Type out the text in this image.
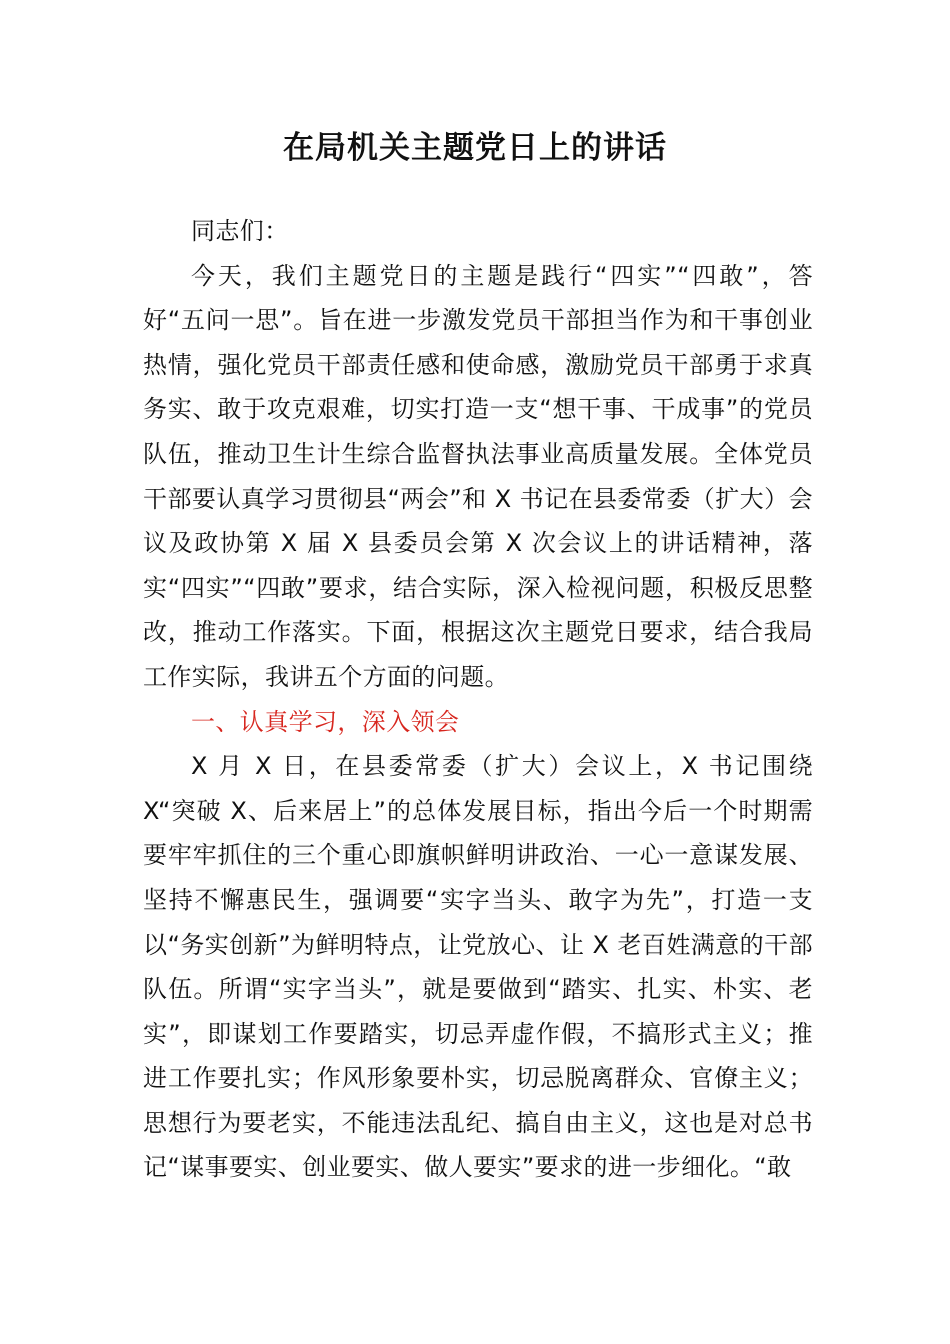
在局机关主题党日上的讲话

同志们：

今天，我们主题党日的主题是践行“四实”“四敢”，答好“五问一思”。旨在进一步激发党员干部担当作为和干事创业热情，强化党员干部责任感和使命感，激励党员干部勇于求真务实、敢于攻克艰难，切实打造一支“想干事、干成事”的党员队伍，推动卫生计生综合监督执法事业高质量发展。全体党员干部要认真学习贯彻县“两会”和 X 书记在县委常委（扩大）会议及政协第 X 届 X 县委员会第 X 次会议上的讲话精神，落实“四实”“四敢”要求，结合实际，深入检视问题，积极反思整改，推动工作落实。下面，根据这次主题党日要求，结合我局工作实际，我讲五个方面的问题。

一、认真学习，深入领会

X 月 X 日，在县委常委（扩大）会议上，X 书记围绕 X“突破 X、后来居上”的总体发展目标，指出今后一个时期需要牢牢抓住的三个重心即旗帜鲜明讲政治、一心一意谋发展、坚持不懈惠民生，强调要“实字当头、敢字为先”，打造一支以“务实创新”为鲜明特点，让党放心、让 X 老百姓满意的干部队伍。所谓“实字当头”，就是要做到“踏实、扎实、朴实、老实”，即谋划工作要踏实，切忌弄虚作假，不搞形式主义；推进工作要扎实；作风形象要朴实，切忌脱离群众、官僚主义；思想行为要老实，不能违法乱纪、搞自由主义，这也是对总书记“谋事要实、创业要实、做人要实”要求的进一步细化。“敢
